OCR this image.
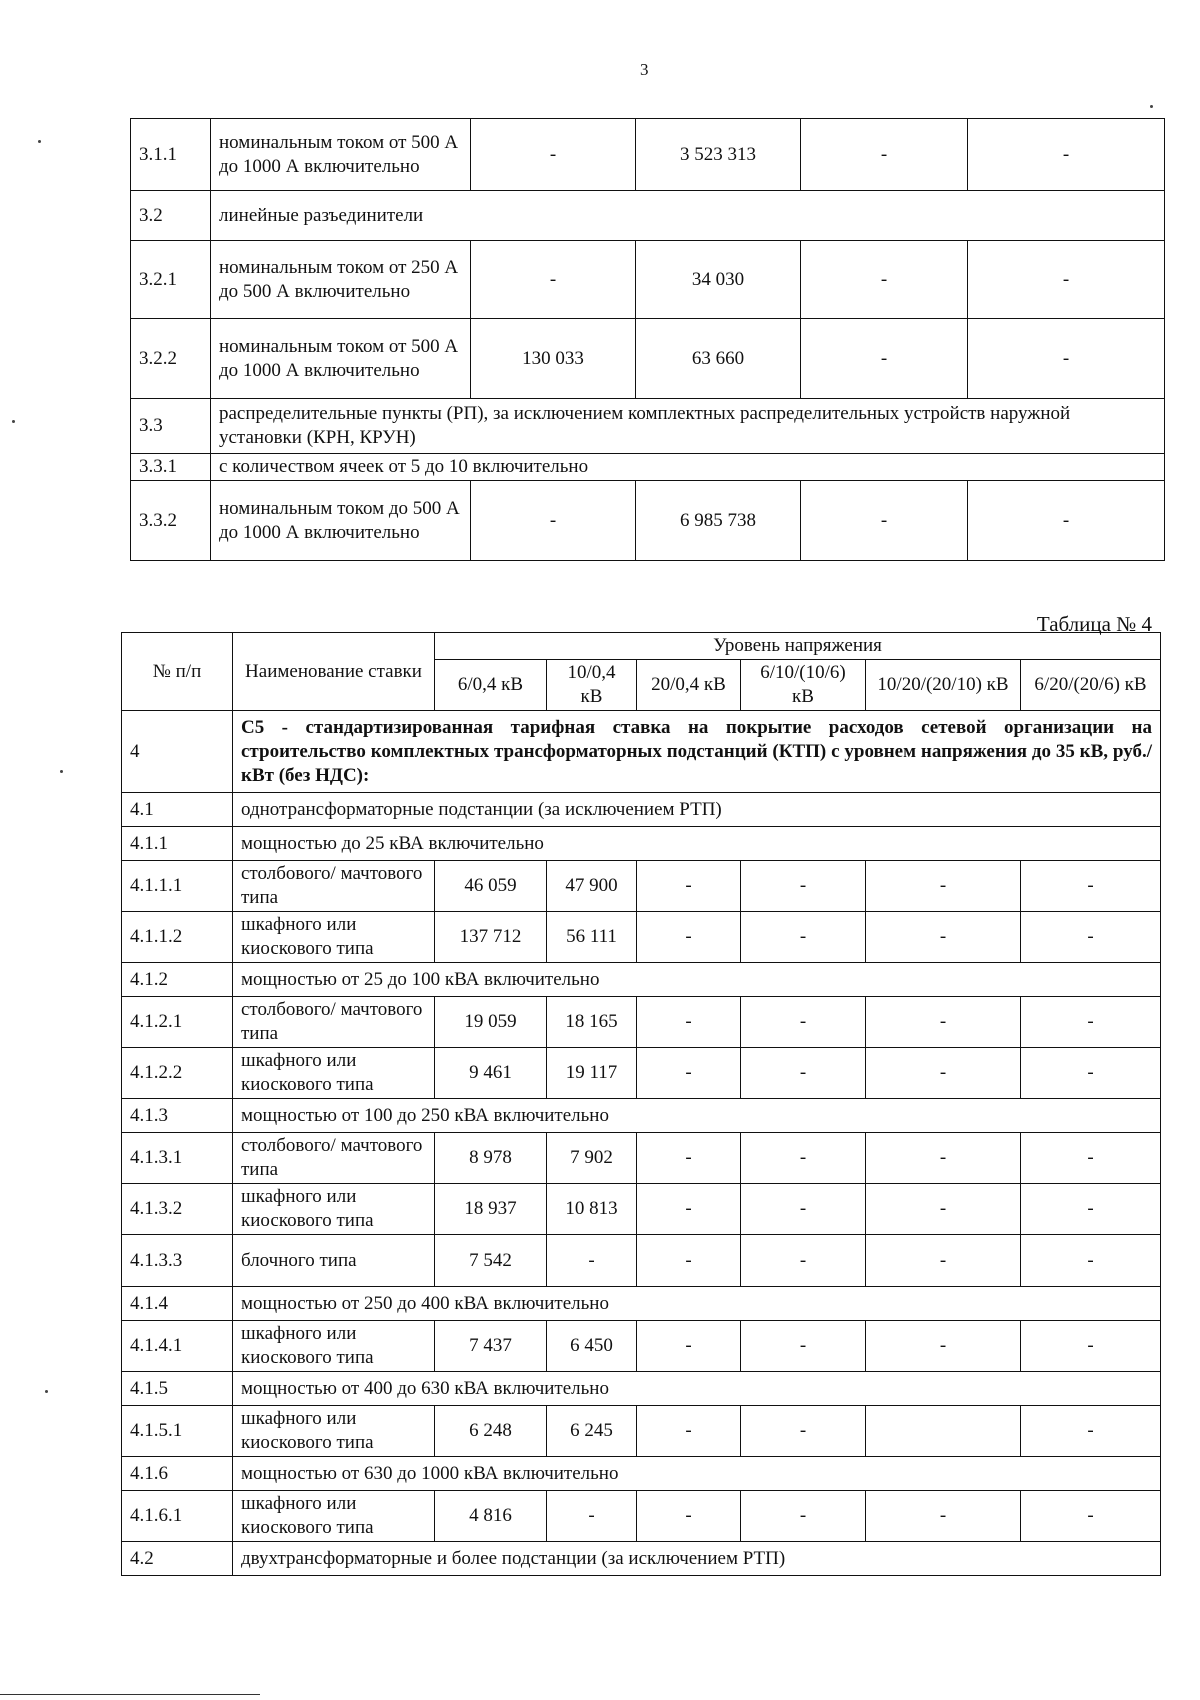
3
3.1.1	номинальным током от 500 А до 1000 А включительно	-	3 523 313	-	-
3.2	линейные разъединители				
3.2.1	номинальным током от 250 А до 500 А включительно	-	34 030	-	-
3.2.2	номинальным током от 500 А до 1000 А включительно	130 033	63 660	-	-
3.3	распределительные пункты (РП), за исключением комплектных распределительных устройств наружной установки (КРН, КРУН)				
3.3.1	с количеством ячеек от 5 до 10 включительно				
3.3.2	номинальным током до 500 А до 1000 А включительно	-	6 985 738	-	-
Таблица № 4
№ п/п	Наименование ставки	Уровень напряжения					
		6/0,4 кВ	10/0,4 кВ	20/0,4 кВ	6/10/(10/6) кВ	10/20/(20/10) кВ	6/20/(20/6) кВ
4	С5 - стандартизированная тарифная ставка на покрытие расходов сетевой организации на строительство комплектных трансформаторных подстанций (КТП) с уровнем напряжения до 35 кВ, руб./кВт (без НДС):						
4.1	однотрансформаторные подстанции (за исключением РТП)						
4.1.1	мощностью до 25 кВА включительно						
4.1.1.1	столбового/ мачтового типа	46 059	47 900	-	-	-	-
4.1.1.2	шкафного или киоскового типа	137 712	56 111	-	-	-	-
4.1.2	мощностью от 25 до 100 кВА включительно						
4.1.2.1	столбового/ мачтового типа	19 059	18 165	-	-	-	-
4.1.2.2	шкафного или киоскового типа	9 461	19 117	-	-	-	-
4.1.3	мощностью от 100 до 250 кВА включительно						
4.1.3.1	столбового/ мачтового типа	8 978	7 902	-	-	-	-
4.1.3.2	шкафного или киоскового типа	18 937	10 813	-	-	-	-
4.1.3.3	блочного типа	7 542	-	-	-	-	-
4.1.4	мощностью от 250 до 400 кВА включительно						
4.1.4.1	шкафного или киоскового типа	7 437	6 450	-	-	-	-
4.1.5	мощностью от 400 до 630 кВА включительно						
4.1.5.1	шкафного или киоскового типа	6 248	6 245	-	-		-
4.1.6	мощностью от 630 до 1000 кВА включительно						
4.1.6.1	шкафного или киоскового типа	4 816	-	-	-	-	-
4.2	двухтрансформаторные и более подстанции (за исключением РТП)						
